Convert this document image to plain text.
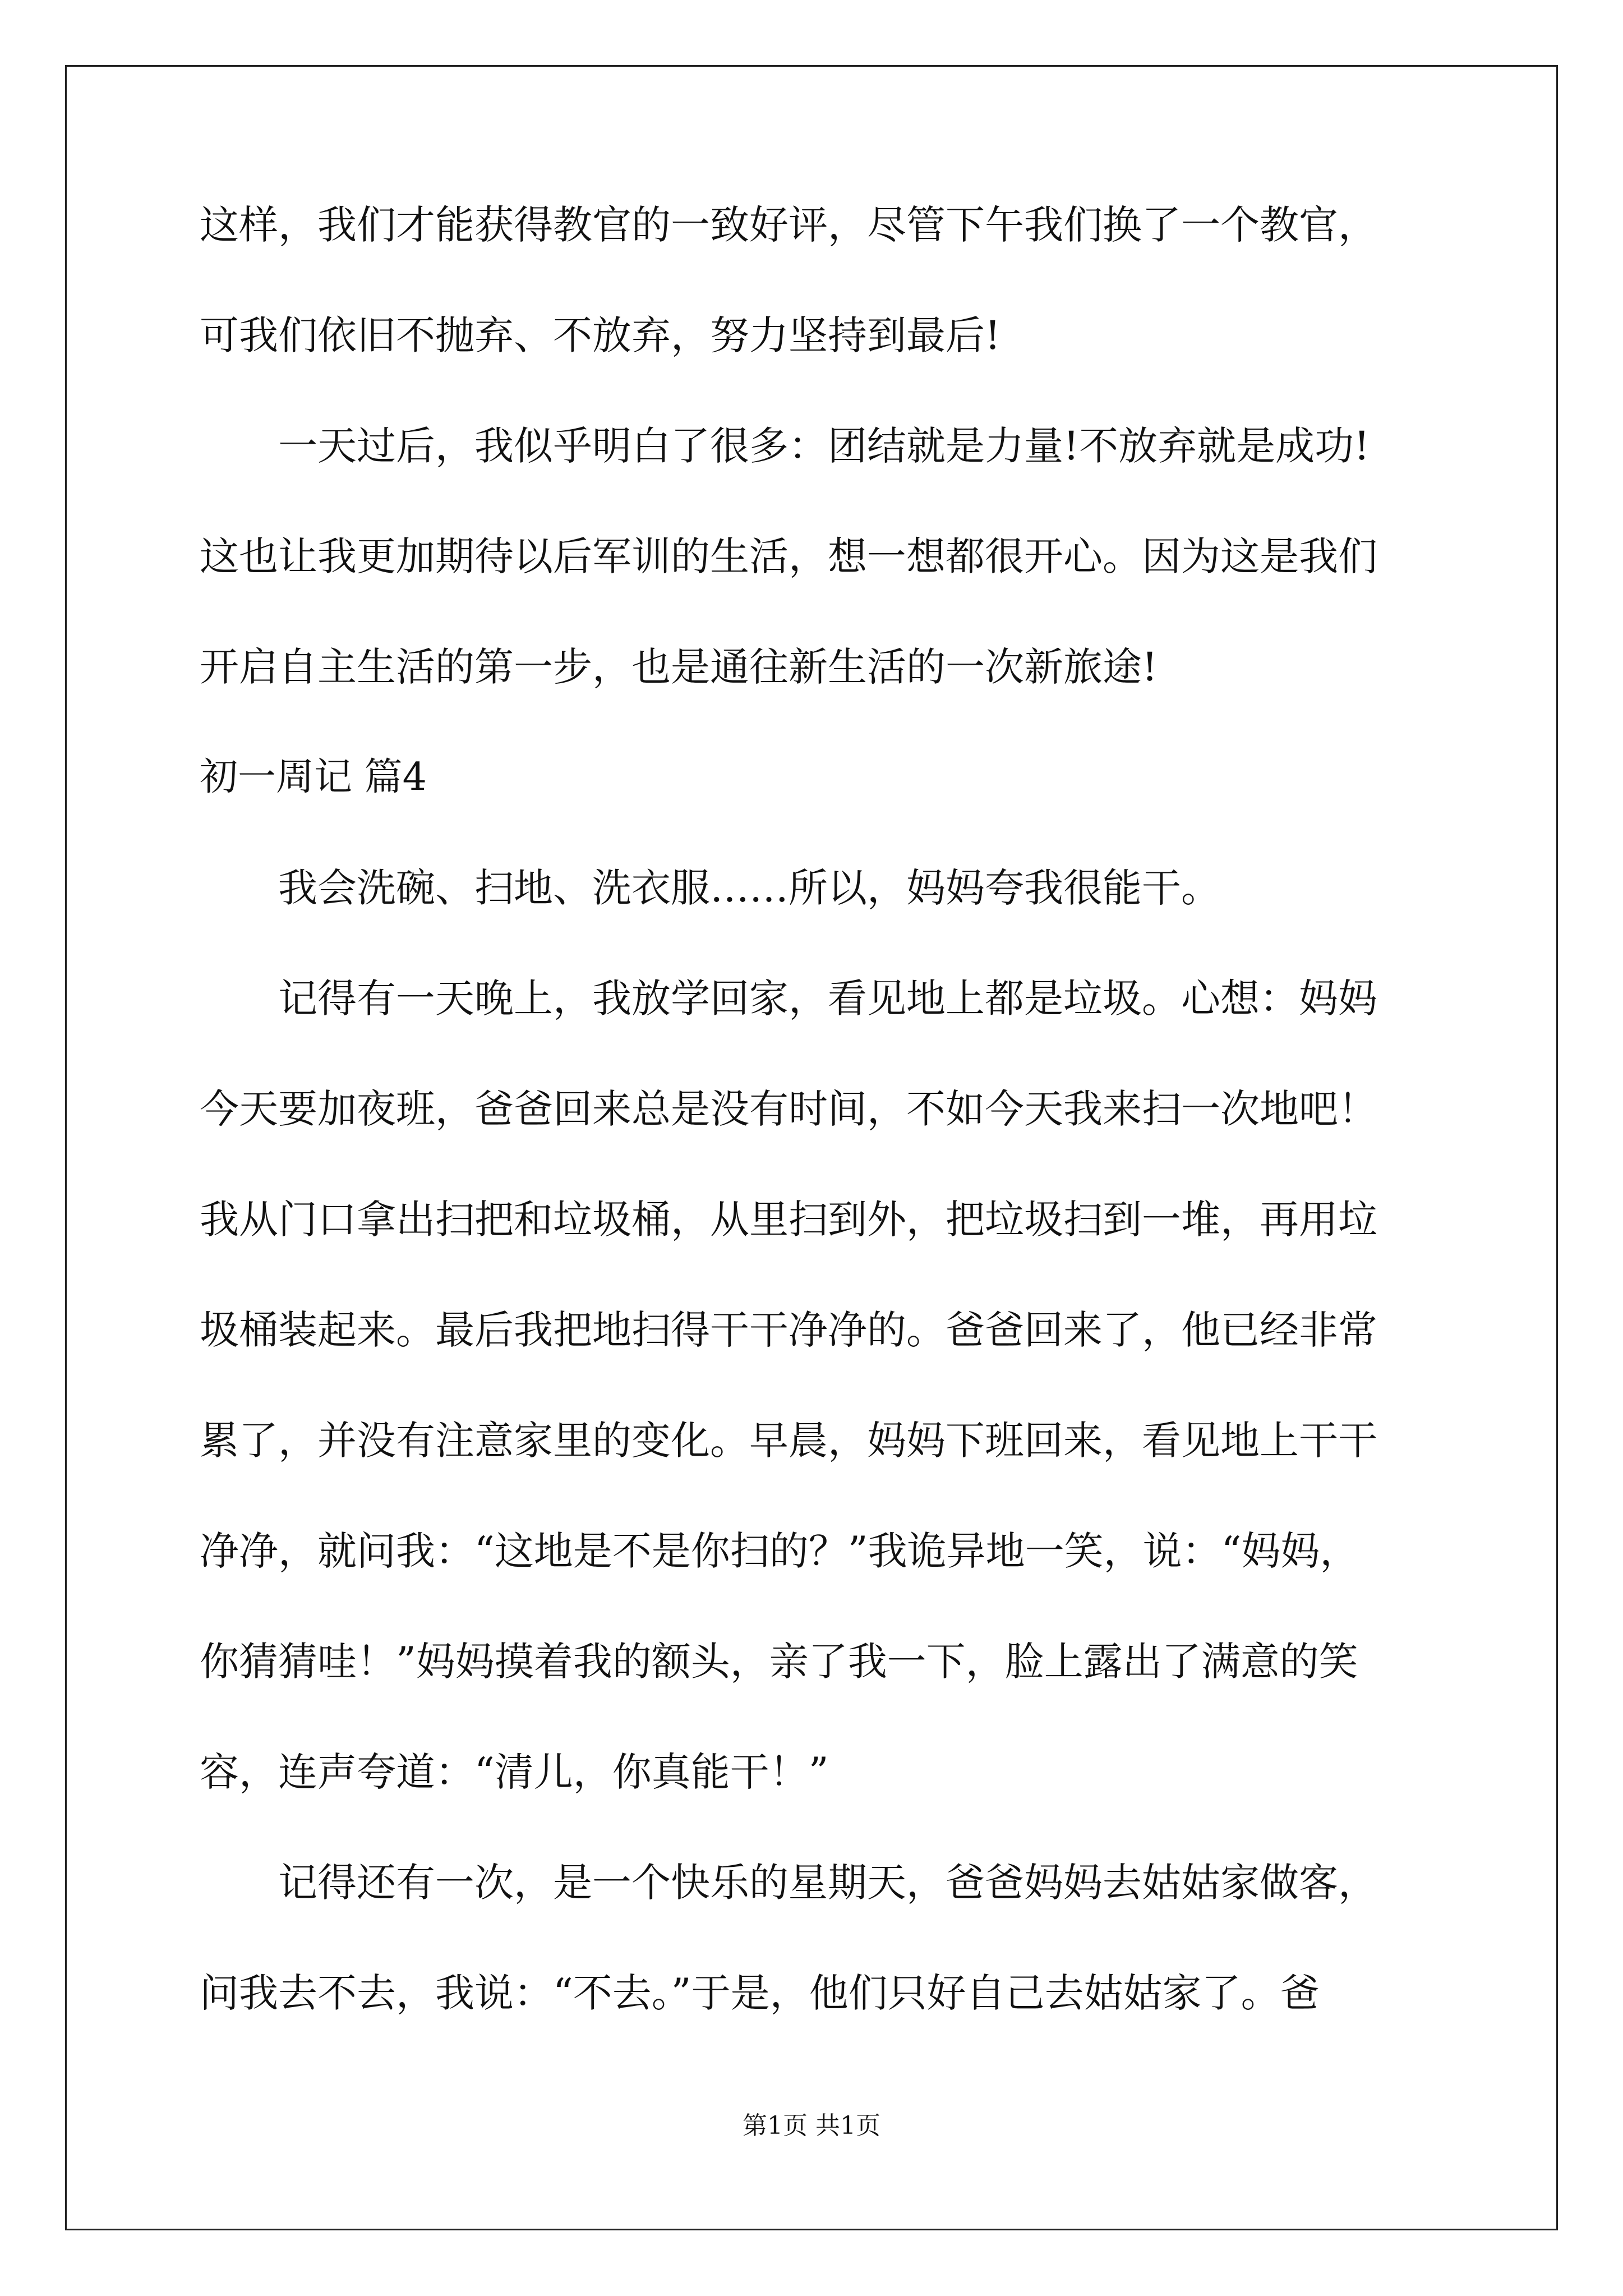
这样，我们才能获得教官的一致好评，尽管下午我们换了一个教官，
可我们依旧不抛弃、不放弃，努力坚持到最后!
一天过后，我似乎明白了很多：团结就是力量!不放弃就是成功!
这也让我更加期待以后军训的生活，想一想都很开心。因为这是我们
开启自主生活的第一步，也是通往新生活的一次新旅途!
初一周记 篇4
我会洗碗、扫地、洗衣服……所以，妈妈夸我很能干。
记得有一天晚上，我放学回家，看见地上都是垃圾。心想：妈妈
今天要加夜班，爸爸回来总是没有时间，不如今天我来扫一次地吧！
我从门口拿出扫把和垃圾桶，从里扫到外，把垃圾扫到一堆，再用垃
圾桶装起来。最后我把地扫得干干净净的。爸爸回来了，他已经非常
累了，并没有注意家里的变化。早晨，妈妈下班回来，看见地上干干
净净，就问我：“这地是不是你扫的？”我诡异地一笑，说：“妈妈，
你猜猜哇！”妈妈摸着我的额头，亲了我一下，脸上露出了满意的笑
容，连声夸道：“清儿，你真能干！”
记得还有一次，是一个快乐的星期天，爸爸妈妈去姑姑家做客，
问我去不去，我说：“不去。”于是，他们只好自己去姑姑家了。爸
第1页 共1页
